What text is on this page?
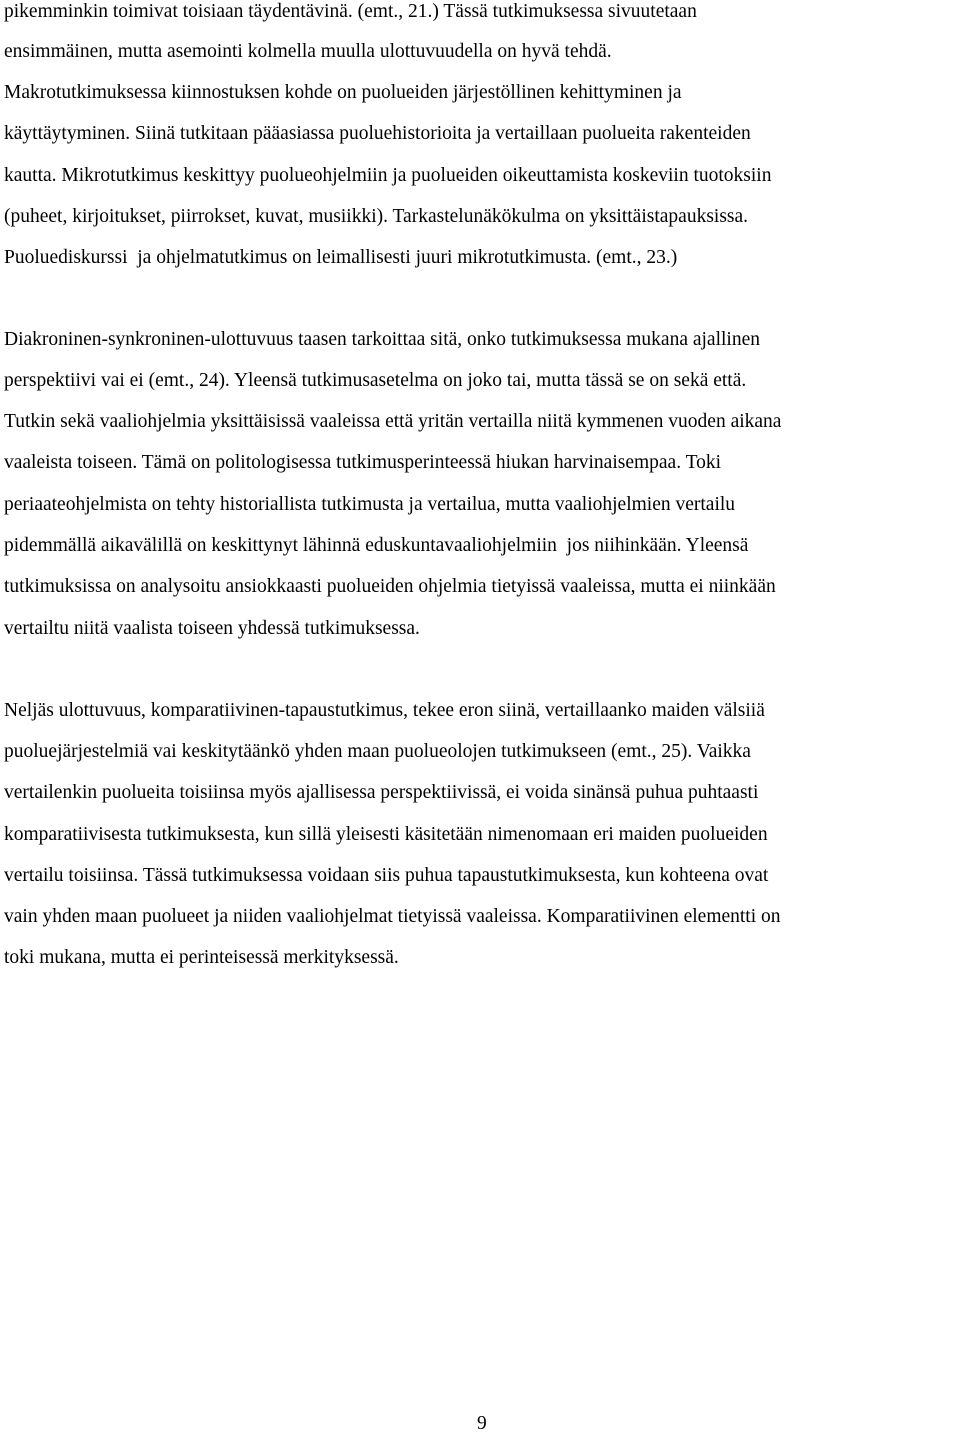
pikemminkin toimivat toisiaan täydentävinä. (emt., 21.) Tässä tutkimuksessa sivuutetaan
ensimmäinen, mutta asemointi kolmella muulla ulottuvuudella on hyvä tehdä.
Makrotutkimuksessa kiinnostuksen kohde on puolueiden järjestöllinen kehittyminen ja
käyttäytyminen. Siinä tutkitaan pääasiassa puoluehistorioita ja vertaillaan puolueita rakenteiden
kautta. Mikrotutkimus keskittyy puolueohjelmiin ja puolueiden oikeuttamista koskeviin tuotoksiin
(puheet, kirjoitukset, piirrokset, kuvat, musiikki). Tarkastelunäkökulma on yksittäistapauksissa.
Puoluediskurssi  ja ohjelmatutkimus on leimallisesti juuri mikrotutkimusta. (emt., 23.)
Diakroninen-synkroninen-ulottuvuus taasen tarkoittaa sitä, onko tutkimuksessa mukana ajallinen
perspektiivi vai ei (emt., 24). Yleensä tutkimusasetelma on joko tai, mutta tässä se on sekä että.
Tutkin sekä vaaliohjelmia yksittäisissä vaaleissa että yritän vertailla niitä kymmenen vuoden aikana
vaaleista toiseen. Tämä on politologisessa tutkimusperinteessä hiukan harvinaisempaa. Toki
periaateohjelmista on tehty historiallista tutkimusta ja vertailua, mutta vaaliohjelmien vertailu
pidemmällä aikavälillä on keskittynyt lähinnä eduskuntavaaliohjelmiin  jos niihinkään. Yleensä
tutkimuksissa on analysoitu ansiokkaasti puolueiden ohjelmia tietyissä vaaleissa, mutta ei niinkään
vertailtu niitä vaalista toiseen yhdessä tutkimuksessa.
Neljäs ulottuvuus, komparatiivinen-tapaustutkimus, tekee eron siinä, vertaillaanko maiden välsiiä
puoluejärjestelmiä vai keskitytäänkö yhden maan puolueolojen tutkimukseen (emt., 25). Vaikka
vertailenkin puolueita toisiinsa myös ajallisessa perspektiivissä, ei voida sinänsä puhua puhtaasti
komparatiivisesta tutkimuksesta, kun sillä yleisesti käsitetään nimenomaan eri maiden puolueiden
vertailu toisiinsa. Tässä tutkimuksessa voidaan siis puhua tapaustutkimuksesta, kun kohteena ovat
vain yhden maan puolueet ja niiden vaaliohjelmat tietyissä vaaleissa. Komparatiivinen elementti on
toki mukana, mutta ei perinteisessä merkityksessä.
9
